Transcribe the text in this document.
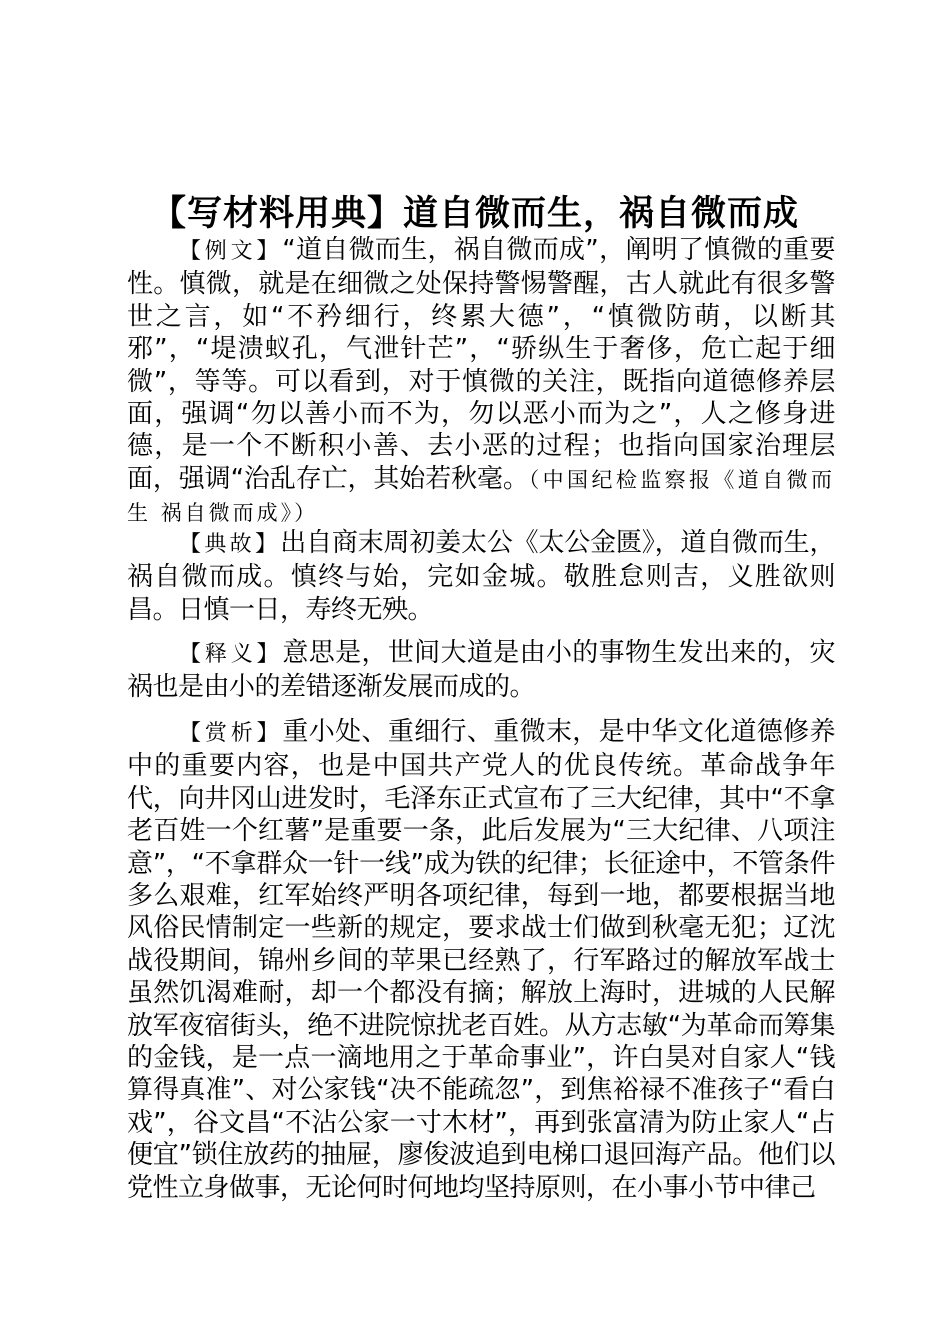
【写材料用典】道自微而生，祸自微而成

【例文】“道自微而生，祸自微而成”，阐明了慎微的重要性。慎微，就是在细微之处保持警惕警醒，古人就此有很多警世之言，如“不矜细行，终累大德”，“慎微防萌，以断其邪”，“堤溃蚁孔，气泄针芒”，“骄纵生于奢侈，危亡起于细微”，等等。可以看到，对于慎微的关注，既指向道德修养层面，强调“勿以善小而不为，勿以恶小而为之”，人之修身进德，是一个不断积小善、去小恶的过程；也指向国家治理层面，强调“治乱存亡，其始若秋毫。（中国纪检监察报《道自微而生 祸自微而成》）

【典故】出自商末周初姜太公《太公金匮》，道自微而生，祸自微而成。慎终与始，完如金城。敬胜怠则吉，义胜欲则昌。日慎一日，寿终无殃。

【释义】意思是，世间大道是由小的事物生发出来的，灾祸也是由小的差错逐渐发展而成的。

【赏析】重小处、重细行、重微末，是中华文化道德修养中的重要内容，也是中国共产党人的优良传统。革命战争年代，向井冈山进发时，毛泽东正式宣布了三大纪律，其中“不拿老百姓一个红薯”是重要一条，此后发展为“三大纪律、八项注意”，“不拿群众一针一线”成为铁的纪律；长征途中，不管条件多么艰难，红军始终严明各项纪律，每到一地，都要根据当地风俗民情制定一些新的规定，要求战士们做到秋毫无犯；辽沈战役期间，锦州乡间的苹果已经熟了，行军路过的解放军战士虽然饥渴难耐，却一个都没有摘；解放上海时，进城的人民解放军夜宿街头，绝不进院惊扰老百姓。从方志敏“为革命而筹集的金钱，是一点一滴地用之于革命事业”，许白昊对自家人“钱算得真准”、对公家钱“决不能疏忽”，到焦裕禄不准孩子“看白戏”，谷文昌“不沾公家一寸木材”，再到张富清为防止家人“占便宜”锁住放药的抽屉，廖俊波追到电梯口退回海产品。他们以党性立身做事，无论何时何地均坚持原则，在小事小节中律己
